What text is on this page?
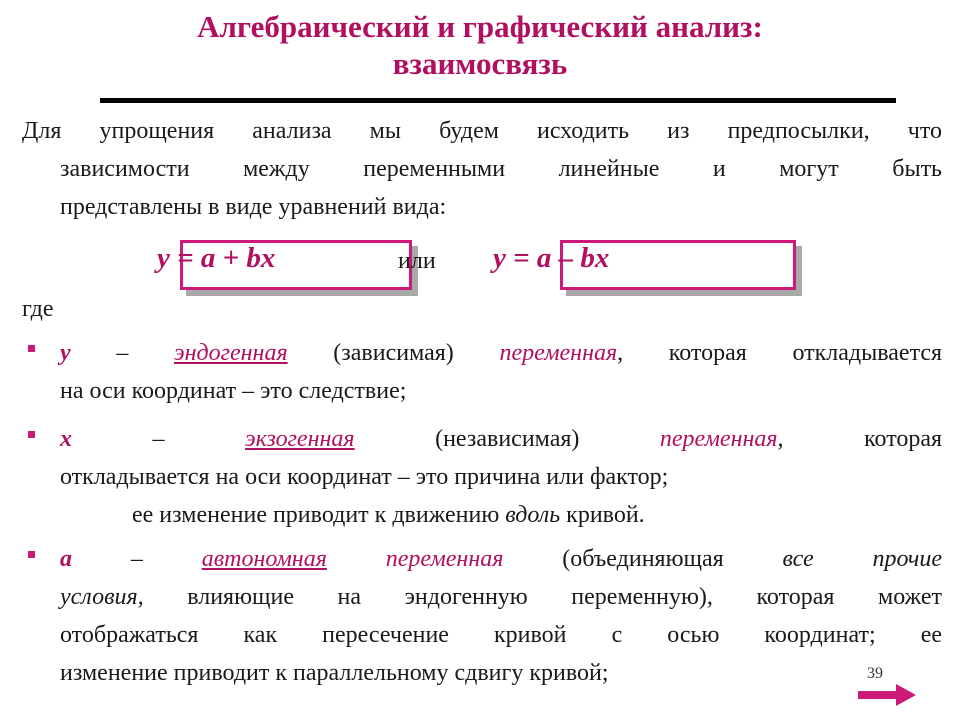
Алгебраический и графический анализ:
взаимосвязь
Для упрощения анализа мы будем исходить из предпосылки, что
зависимости между переменными линейные и могут быть
представлены в виде уравнений вида:
y = a + bx	или y = a – bx
где
y – эндогенная (зависимая) переменная, которая откладывается
на оси координат – это следствие;
x	–	экзогенная	(независимая)	переменная,	которая
откладывается на оси координат – это причина или фактор;
ее изменение приводит к движению вдоль кривой.
a – автономная переменная (объединяющая все прочие
условия, влияющие на эндогенную переменную), которая может
отображаться как пересечение кривой с осью координат; ее
изменение приводит к параллельному сдвигу кривой;	39
